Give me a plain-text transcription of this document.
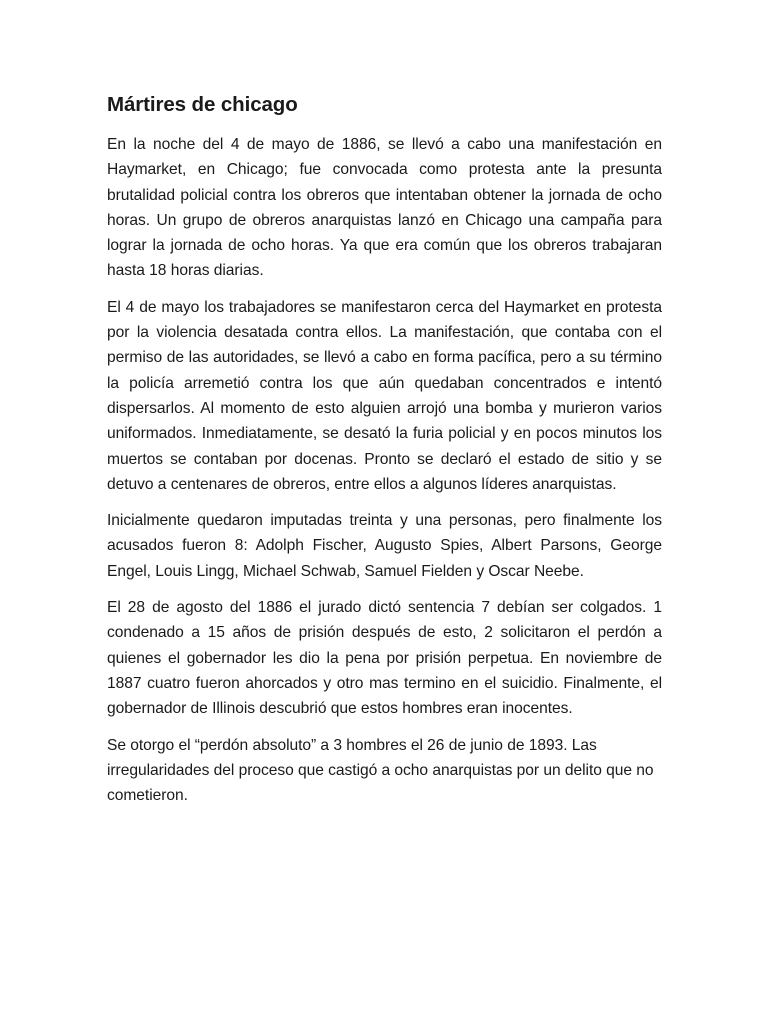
Mártires de chicago

En la noche del 4 de mayo de 1886, se llevó a cabo una manifestación en Haymarket, en Chicago; fue convocada como protesta ante la presunta brutalidad policial contra los obreros que intentaban obtener la jornada de ocho horas. Un grupo de obreros anarquistas lanzó en Chicago una campaña para lograr la jornada de ocho horas. Ya que era común que los obreros trabajaran hasta 18 horas diarias.

El 4 de mayo los trabajadores se manifestaron cerca del Haymarket en protesta por la violencia desatada contra ellos. La manifestación, que contaba con el permiso de las autoridades, se llevó a cabo en forma pacífica, pero a su término la policía arremetió contra los que aún quedaban concentrados e intentó dispersarlos. Al momento de esto alguien arrojó una bomba y murieron varios uniformados. Inmediatamente, se desató la furia policial y en pocos minutos los muertos se contaban por docenas. Pronto se declaró el estado de sitio y se detuvo a centenares de obreros, entre ellos a algunos líderes anarquistas.

Inicialmente quedaron imputadas treinta y una personas, pero finalmente los acusados fueron 8: Adolph Fischer, Augusto Spies, Albert Parsons, George Engel, Louis Lingg, Michael Schwab, Samuel Fielden y Oscar Neebe.

El 28 de agosto del 1886 el jurado dictó sentencia 7 debían ser colgados. 1 condenado a 15 años de prisión después de esto, 2 solicitaron el perdón a quienes el gobernador les dio la pena por prisión perpetua. En noviembre de 1887 cuatro fueron ahorcados y otro mas termino en el suicidio. Finalmente, el gobernador de Illinois descubrió que estos hombres eran inocentes.

Se otorgo el “perdón absoluto” a 3 hombres el 26 de junio de 1893. Las irregularidades del proceso que castigó a ocho anarquistas por un delito que no cometieron.
